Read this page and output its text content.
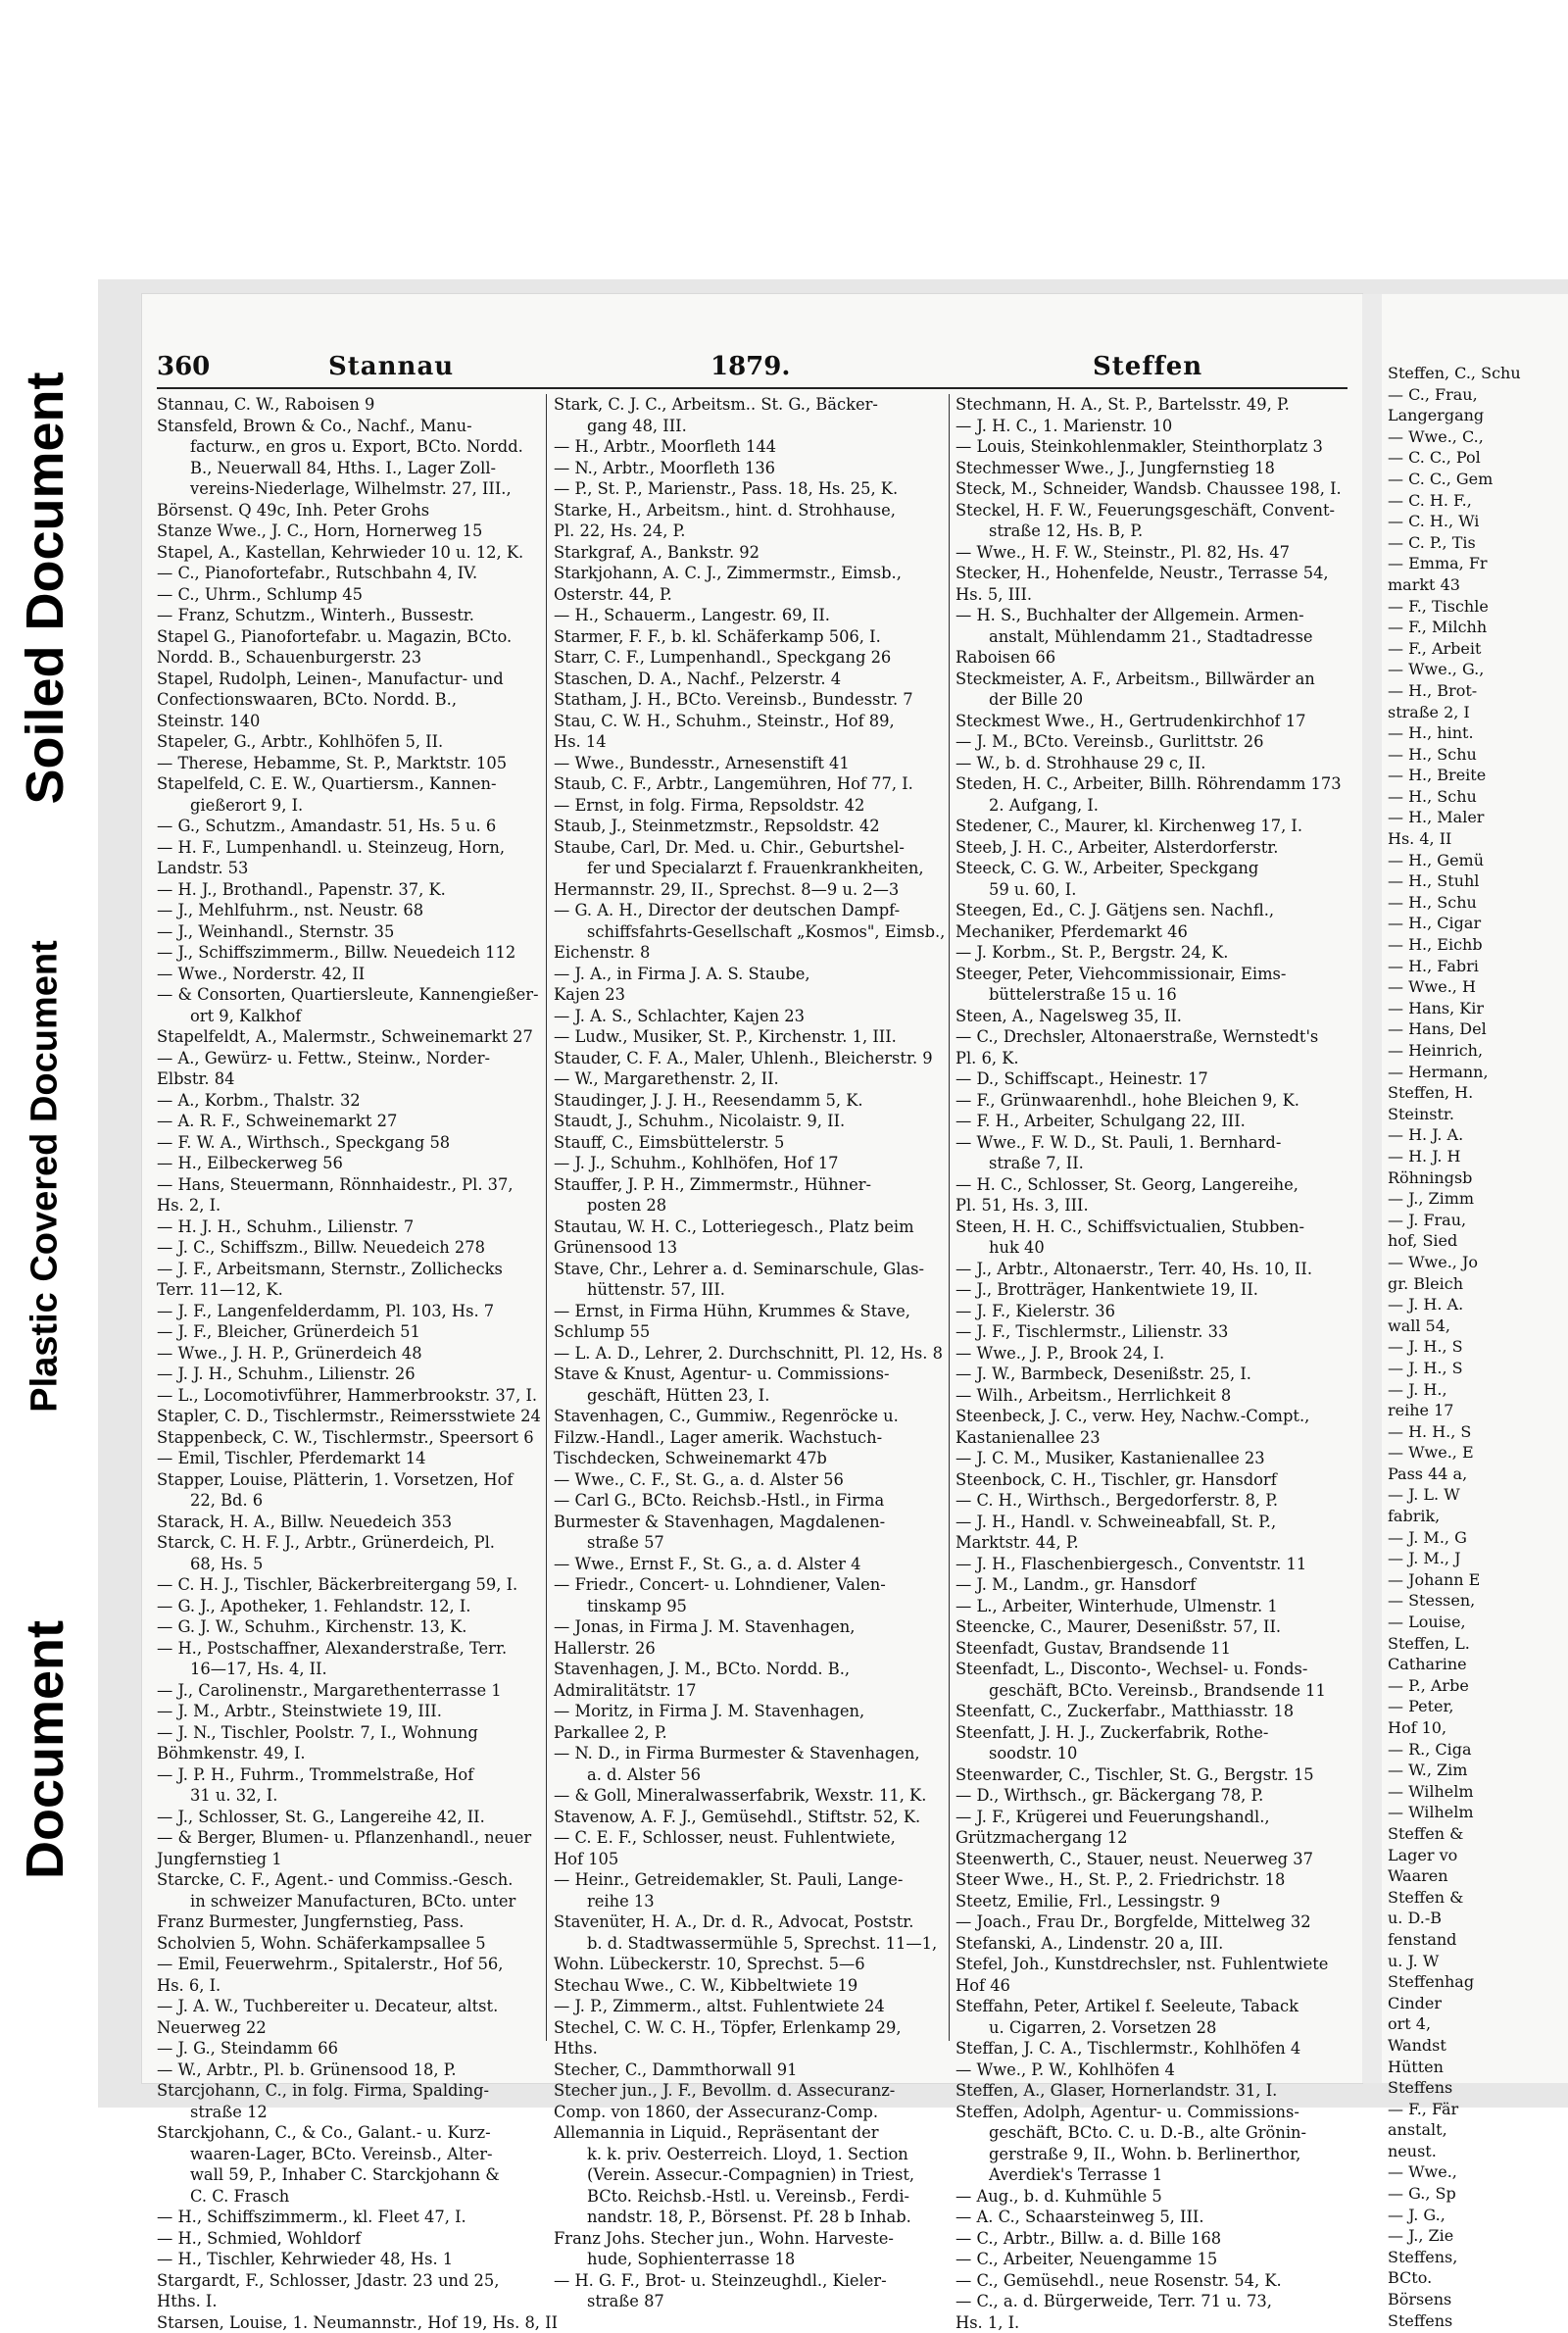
Soiled Document
Plastic Covered Document
Document
360	Stannau	1879.	Steffen
Stannau, C. W., Raboisen 9
Stansfeld, Brown & Co., Nachf., Manu-
facturw., en gros u. Export, BCto. Nordd.
B., Neuerwall 84, Hths. I., Lager Zoll-
vereins-Niederlage, Wilhelmstr. 27, III.,
Börsenst. Q 49c, Inh. Peter Grohs
Stanze Wwe., J. C., Horn, Hornerweg 15
Stapel, A., Kastellan, Kehrwieder 10 u. 12, K.
— C., Pianofortefabr., Rutschbahn 4, IV.
— C., Uhrm., Schlump 45
— Franz, Schutzm., Winterh., Bussestr.
Stapel G., Pianofortefabr. u. Magazin, BCto.
Nordd. B., Schauenburgerstr. 23
Stapel, Rudolph, Leinen-, Manufactur- und
Confectionswaaren, BCto. Nordd. B.,
Steinstr. 140
Stapeler, G., Arbtr., Kohlhöfen 5, II.
— Therese, Hebamme, St. P., Marktstr. 105
Stapelfeld, C. E. W., Quartiersm., Kannen-
gießerort 9, I.
— G., Schutzm., Amandastr. 51, Hs. 5 u. 6
— H. F., Lumpenhandl. u. Steinzeug, Horn,
Landstr. 53
— H. J., Brothandl., Papenstr. 37, K.
— J., Mehlfuhrm., nst. Neustr. 68
— J., Weinhandl., Sternstr. 35
— J., Schiffszimmerm., Billw. Neuedeich 112
— Wwe., Norderstr. 42, II
— & Consorten, Quartiersleute, Kannengießer-
ort 9, Kalkhof
Stapelfeldt, A., Malermstr., Schweinemarkt 27
— A., Gewürz- u. Fettw., Steinw., Norder-
Elbstr. 84
— A., Korbm., Thalstr. 32
— A. R. F., Schweinemarkt 27
— F. W. A., Wirthsch., Speckgang 58
— H., Eilbeckerweg 56
— Hans, Steuermann, Rönnhaidestr., Pl. 37,
Hs. 2, I.
— H. J. H., Schuhm., Lilienstr. 7
— J. C., Schiffszm., Billw. Neuedeich 278
— J. F., Arbeitsmann, Sternstr., Zollichecks
Terr. 11—12, K.
— J. F., Langenfelderdamm, Pl. 103, Hs. 7
— J. F., Bleicher, Grünerdeich 51
— Wwe., J. H. P., Grünerdeich 48
— J. J. H., Schuhm., Lilienstr. 26
— L., Locomotivführer, Hammerbrookstr. 37, I.
Stapler, C. D., Tischlermstr., Reimersstwiete 24
Stappenbeck, C. W., Tischlermstr., Speersort 6
— Emil, Tischler, Pferdemarkt 14
Stapper, Louise, Plätterin, 1. Vorsetzen, Hof
22, Bd. 6
Starack, H. A., Billw. Neuedeich 353
Starck, C. H. F. J., Arbtr., Grünerdeich, Pl.
68, Hs. 5
— C. H. J., Tischler, Bäckerbreitergang 59, I.
— G. J., Apotheker, 1. Fehlandstr. 12, I.
— G. J. W., Schuhm., Kirchenstr. 13, K.
— H., Postschaffner, Alexanderstraße, Terr.
16—17, Hs. 4, II.
— J., Carolinenstr., Margarethenterrasse 1
— J. M., Arbtr., Steinstwiete 19, III.
— J. N., Tischler, Poolstr. 7, I., Wohnung
Böhmkenstr. 49, I.
— J. P. H., Fuhrm., Trommelstraße, Hof
31 u. 32, I.
— J., Schlosser, St. G., Langereihe 42, II.
— & Berger, Blumen- u. Pflanzenhandl., neuer
Jungfernstieg 1
Starcke, C. F., Agent.- und Commiss.-Gesch.
in schweizer Manufacturen, BCto. unter
Franz Burmester, Jungfernstieg, Pass.
Scholvien 5, Wohn. Schäferkampsallee 5
— Emil, Feuerwehrm., Spitalerstr., Hof 56,
Hs. 6, I.
— J. A. W., Tuchbereiter u. Decateur, altst.
Neuerweg 22
— J. G., Steindamm 66
— W., Arbtr., Pl. b. Grünensood 18, P.
Starcjohann, C., in folg. Firma, Spalding-
straße 12
Starckjohann, C., & Co., Galant.- u. Kurz-
waaren-Lager, BCto. Vereinsb., Alter-
wall 59, P., Inhaber C. Starckjohann &
C. C. Frasch
— H., Schiffszimmerm., kl. Fleet 47, I.
— H., Schmied, Wohldorf
— H., Tischler, Kehrwieder 48, Hs. 1
Stargardt, F., Schlosser, Jdastr. 23 und 25,
Hths. I.
Starsen, Louise, 1. Neumannstr., Hof 19, Hs. 8, II
Stark, C. J. C., Arbeitsm.. St. G., Bäcker-
gang 48, III.
— H., Arbtr., Moorfleth 144
— N., Arbtr., Moorfleth 136
— P., St. P., Marienstr., Pass. 18, Hs. 25, K.
Starke, H., Arbeitsm., hint. d. Strohhause,
Pl. 22, Hs. 24, P.
Starkgraf, A., Bankstr. 92
Starkjohann, A. C. J., Zimmermstr., Eimsb.,
Osterstr. 44, P.
— H., Schauerm., Langestr. 69, II.
Starmer, F. F., b. kl. Schäferkamp 506, I.
Starr, C. F., Lumpenhandl., Speckgang 26
Staschen, D. A., Nachf., Pelzerstr. 4
Statham, J. H., BCto. Vereinsb., Bundesstr. 7
Stau, C. W. H., Schuhm., Steinstr., Hof 89,
Hs. 14
— Wwe., Bundesstr., Arnesenstift 41
Staub, C. F., Arbtr., Langemühren, Hof 77, I.
— Ernst, in folg. Firma, Repsoldstr. 42
Staub, J., Steinmetzmstr., Repsoldstr. 42
Staube, Carl, Dr. Med. u. Chir., Geburtshel-
fer und Specialarzt f. Frauenkrankheiten,
Hermannstr. 29, II., Sprechst. 8—9 u. 2—3
— G. A. H., Director der deutschen Dampf-
schiffsfahrts-Gesellschaft „Kosmos", Eimsb.,
Eichenstr. 8
— J. A., in Firma J. A. S. Staube,
Kajen 23
— J. A. S., Schlachter, Kajen 23
— Ludw., Musiker, St. P., Kirchenstr. 1, III.
Stauder, C. F. A., Maler, Uhlenh., Bleicherstr. 9
— W., Margarethenstr. 2, II.
Staudinger, J. J. H., Reesendamm 5, K.
Staudt, J., Schuhm., Nicolaistr. 9, II.
Stauff, C., Eimsbüttelerstr. 5
— J. J., Schuhm., Kohlhöfen, Hof 17
Stauffer, J. P. H., Zimmermstr., Hühner-
posten 28
Stautau, W. H. C., Lotteriegesch., Platz beim
Grünensood 13
Stave, Chr., Lehrer a. d. Seminarschule, Glas-
hüttenstr. 57, III.
— Ernst, in Firma Hühn, Krummes & Stave,
Schlump 55
— L. A. D., Lehrer, 2. Durchschnitt, Pl. 12, Hs. 8
Stave & Knust, Agentur- u. Commissions-
geschäft, Hütten 23, I.
Stavenhagen, C., Gummiw., Regenröcke u.
Filzw.-Handl., Lager amerik. Wachstuch-
Tischdecken, Schweinemarkt 47b
— Wwe., C. F., St. G., a. d. Alster 56
— Carl G., BCto. Reichsb.-Hstl., in Firma
Burmester & Stavenhagen, Magdalenen-
straße 57
— Wwe., Ernst F., St. G., a. d. Alster 4
— Friedr., Concert- u. Lohndiener, Valen-
tinskamp 95
— Jonas, in Firma J. M. Stavenhagen,
Hallerstr. 26
Stavenhagen, J. M., BCto. Nordd. B.,
Admiralitätstr. 17
— Moritz, in Firma J. M. Stavenhagen,
Parkallee 2, P.
— N. D., in Firma Burmester & Stavenhagen,
a. d. Alster 56
— & Goll, Mineralwasserfabrik, Wexstr. 11, K.
Stavenow, A. F. J., Gemüsehdl., Stiftstr. 52, K.
— C. E. F., Schlosser, neust. Fuhlentwiete,
Hof 105
— Heinr., Getreidemakler, St. Pauli, Lange-
reihe 13
Stavenüter, H. A., Dr. d. R., Advocat, Poststr.
b. d. Stadtwassermühle 5, Sprechst. 11—1,
Wohn. Lübeckerstr. 10, Sprechst. 5—6
Stechau Wwe., C. W., Kibbeltwiete 19
— J. P., Zimmerm., altst. Fuhlentwiete 24
Stechel, C. W. C. H., Töpfer, Erlenkamp 29,
Hths.
Stecher, C., Dammthorwall 91
Stecher jun., J. F., Bevollm. d. Assecuranz-
Comp. von 1860, der Assecuranz-Comp.
Allemannia in Liquid., Repräsentant der
k. k. priv. Oesterreich. Lloyd, 1. Section
(Verein. Assecur.-Compagnien) in Triest,
BCto. Reichsb.-Hstl. u. Vereinsb., Ferdi-
nandstr. 18, P., Börsenst. Pf. 28 b Inhab.
Franz Johs. Stecher jun., Wohn. Harveste-
hude, Sophienterrasse 18
— H. G. F., Brot- u. Steinzeughdl., Kieler-
straße 87
Stechmann, H. A., St. P., Bartelsstr. 49, P.
— J. H. C., 1. Marienstr. 10
— Louis, Steinkohlenmakler, Steinthorplatz 3
Stechmesser Wwe., J., Jungfernstieg 18
Steck, M., Schneider, Wandsb. Chaussee 198, I.
Steckel, H. F. W., Feuerungsgeschäft, Convent-
straße 12, Hs. B, P.
— Wwe., H. F. W., Steinstr., Pl. 82, Hs. 47
Stecker, H., Hohenfelde, Neustr., Terrasse 54,
Hs. 5, III.
— H. S., Buchhalter der Allgemein. Armen-
anstalt, Mühlendamm 21., Stadtadresse
Raboisen 66
Steckmeister, A. F., Arbeitsm., Billwärder an
der Bille 20
Steckmest Wwe., H., Gertrudenkirchhof 17
— J. M., BCto. Vereinsb., Gurlittstr. 26
— W., b. d. Strohhause 29 c, II.
Steden, H. C., Arbeiter, Billh. Röhrendamm 173
2. Aufgang, I.
Stedener, C., Maurer, kl. Kirchenweg 17, I.
Steeb, J. H. C., Arbeiter, Alsterdorferstr.
Steeck, C. G. W., Arbeiter, Speckgang
59 u. 60, I.
Steegen, Ed., C. J. Gätjens sen. Nachfl.,
Mechaniker, Pferdemarkt 46
— J. Korbm., St. P., Bergstr. 24, K.
Steeger, Peter, Viehcommissionair, Eims-
büttelerstraße 15 u. 16
Steen, A., Nagelsweg 35, II.
— C., Drechsler, Altonaerstraße, Wernstedt's
Pl. 6, K.
— D., Schiffscapt., Heinestr. 17
— F., Grünwaarenhdl., hohe Bleichen 9, K.
— F. H., Arbeiter, Schulgang 22, III.
— Wwe., F. W. D., St. Pauli, 1. Bernhard-
straße 7, II.
— H. C., Schlosser, St. Georg, Langereihe,
Pl. 51, Hs. 3, III.
Steen, H. H. C., Schiffsvictualien, Stubben-
huk 40
— J., Arbtr., Altonaerstr., Terr. 40, Hs. 10, II.
— J., Brotträger, Hankentwiete 19, II.
— J. F., Kielerstr. 36
— J. F., Tischlermstr., Lilienstr. 33
— Wwe., J. P., Brook 24, I.
— J. W., Barmbeck, Desenißstr. 25, I.
— Wilh., Arbeitsm., Herrlichkeit 8
Steenbeck, J. C., verw. Hey, Nachw.-Compt.,
Kastanienallee 23
— J. C. M., Musiker, Kastanienallee 23
Steenbock, C. H., Tischler, gr. Hansdorf
— C. H., Wirthsch., Bergedorferstr. 8, P.
— J. H., Handl. v. Schweineabfall, St. P.,
Marktstr. 44, P.
— J. H., Flaschenbiergesch., Conventstr. 11
— J. M., Landm., gr. Hansdorf
— L., Arbeiter, Winterhude, Ulmenstr. 1
Steencke, C., Maurer, Desenißstr. 57, II.
Steenfadt, Gustav, Brandsende 11
Steenfadt, L., Disconto-, Wechsel- u. Fonds-
geschäft, BCto. Vereinsb., Brandsende 11
Steenfatt, C., Zuckerfabr., Matthiasstr. 18
Steenfatt, J. H. J., Zuckerfabrik, Rothe-
soodstr. 10
Steenwarder, C., Tischler, St. G., Bergstr. 15
— D., Wirthsch., gr. Bäckergang 78, P.
— J. F., Krügerei und Feuerungshandl.,
Grützmachergang 12
Steenwerth, C., Stauer, neust. Neuerweg 37
Steer Wwe., H., St. P., 2. Friedrichstr. 18
Steetz, Emilie, Frl., Lessingstr. 9
— Joach., Frau Dr., Borgfelde, Mittelweg 32
Stefanski, A., Lindenstr. 20 a, III.
Stefel, Joh., Kunstdrechsler, nst. Fuhlentwiete
Hof 46
Steffahn, Peter, Artikel f. Seeleute, Taback
u. Cigarren, 2. Vorsetzen 28
Steffan, J. C. A., Tischlermstr., Kohlhöfen 4
— Wwe., P. W., Kohlhöfen 4
Steffen, A., Glaser, Hornerlandstr. 31, I.
Steffen, Adolph, Agentur- u. Commissions-
geschäft, BCto. C. u. D.-B., alte Grönin-
gerstraße 9, II., Wohn. b. Berlinerthor,
Averdiek's Terrasse 1
— Aug., b. d. Kuhmühle 5
— A. C., Schaarsteinweg 5, III.
— C., Arbtr., Billw. a. d. Bille 168
— C., Arbeiter, Neuengamme 15
— C., Gemüsehdl., neue Rosenstr. 54, K.
— C., a. d. Bürgerweide, Terr. 71 u. 73,
Hs. 1, I.
Steffen, C., Schu
— C., Frau,
Langergang
— Wwe., C.,
— C. C., Pol
— C. C., Gem
— C. H. F.,
— C. H., Wi
— C. P., Tis
— Emma, Fr
markt 43
— F., Tischle
— F., Milchh
— F., Arbeit
— Wwe., G.,
— H., Brot-
straße 2, I
— H., hint.
— H., Schu
— H., Breite
— H., Schu
— H., Maler
Hs. 4, II
— H., Gemü
— H., Stuhl
— H., Schu
— H., Cigar
— H., Eichb
— H., Fabri
— Wwe., H
— Hans, Kir
— Hans, Del
— Heinrich,
— Hermann,
Steffen, H.
Steinstr.
— H. J. A.
— H. J. H
Röhningsb
— J., Zimm
— J. Frau,
hof, Sied
— Wwe., Jo
gr. Bleich
— J. H. A.
wall 54,
— J. H., S
— J. H., S
— J. H.,
reihe 17
— H. H., S
— Wwe., E
Pass 44 a,
— J. L. W
fabrik,
— J. M., G
— J. M., J
— Johann E
— Stessen,
— Louise,
Steffen, L.
Catharine
— P., Arbe
— Peter,
Hof 10,
— R., Ciga
— W., Zim
— Wilhelm
— Wilhelm
Steffen &
Lager vo
Waaren
Steffen &
u. D.-B
fenstand
u. J. W
Steffenhag
Cinder
ort 4,
Wandst
Hütten
Steffens
— F., Fär
anstalt,
neust.
— Wwe.,
— G., Sp
— J. G.,
— J., Zie
Steffens,
BCto.
Börsens
Steffens
